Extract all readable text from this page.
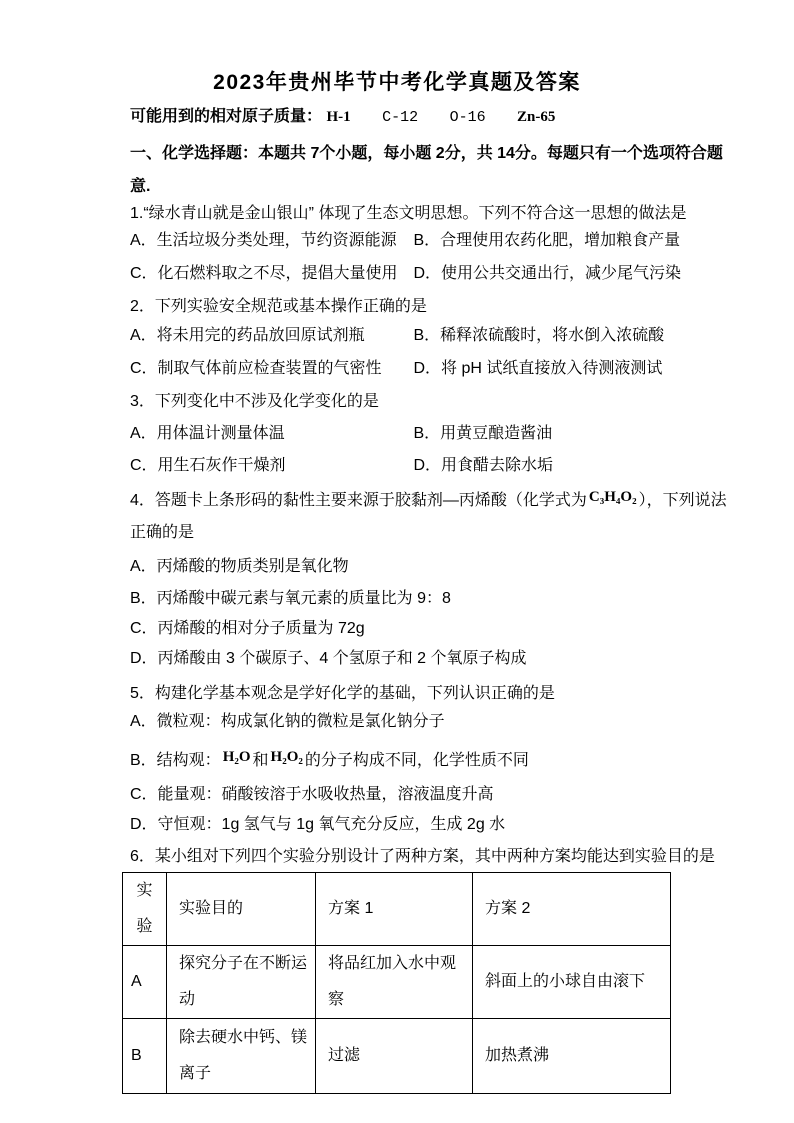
2023年贵州毕节中考化学真题及答案
可能用到的相对原子质量： H-1 C-12 O-16 Zn-65
一、化学选择题：本题共 7个小题，每小题 2分，共 14分。每题只有一个选项符合题
意.
1.“绿水青山就是金山银山” 体现了生态文明思想。下列不符合这一思想的做法是
A．生活垃圾分类处理，节约资源能源 B．合理使用农药化肥，增加粮食产量
C．化石燃料取之不尽，提倡大量使用 D．使用公共交通出行，减少尾气污染
2．下列实验安全规范或基本操作正确的是
A．将未用完的药品放回原试剂瓶	B．稀释浓硫酸时，将水倒入浓硫酸
C．制取气体前应检查装置的气密性 D．将 pH 试纸直接放入待测液测试
3．下列变化中不涉及化学变化的是
A．用体温计测量体温	B．用黄豆酿造酱油
C．用生石灰作干燥剂	D．用食醋去除水垢
4．答题卡上条形码的黏性主要来源于胶黏剂—丙烯酸（化学式为 C₃H₄O₂ ），下列说法
正确的是
A．丙烯酸的物质类别是氧化物
B．丙烯酸中碳元素与氧元素的质量比为 9：8
C．丙烯酸的相对分子质量为 72g
D．丙烯酸由 3 个碳原子、4 个氢原子和 2 个氧原子构成
5．构建化学基本观念是学好化学的基础，下列认识正确的是
A．微粒观：构成氯化钠的微粒是氯化钠分子
B．结构观： H₂O 和 H₂O₂ 的分子构成不同，化学性质不同
C．能量观：硝酸铵溶于水吸收热量，溶液温度升高
D．守恒观：1g 氢气与 1g 氧气充分反应，生成 2g 水
6．某小组对下列四个实验分别设计了两种方案，其中两种方案均能达到实验目的是
实验	实验目的	方案 1	方案 2
A	探究分子在不断运动	将品红加入水中观察	斜面上的小球自由滚下
B	除去硬水中钙、镁离子	过滤	加热煮沸
